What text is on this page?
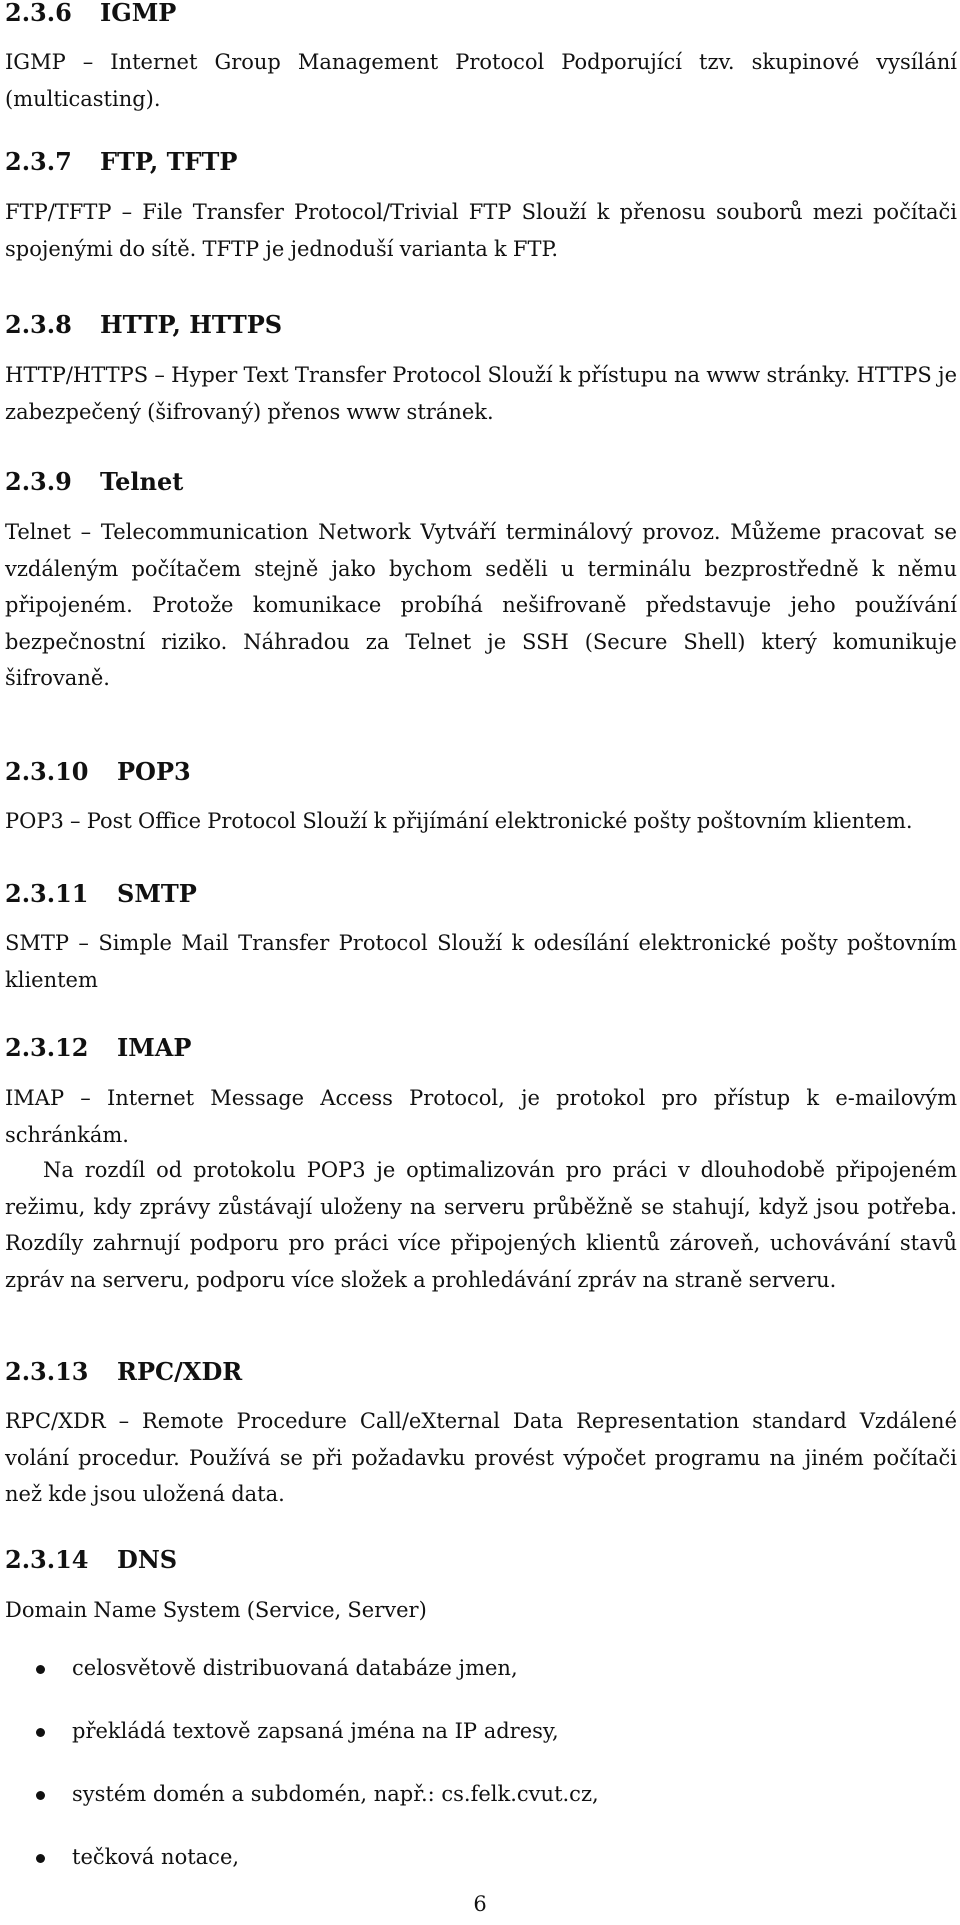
2.3.6 IGMP
IGMP – Internet Group Management Protocol Podporující tzv. skupinové vysílání (multicasting).
2.3.7 FTP, TFTP
FTP/TFTP – File Transfer Protocol/Trivial FTP Slouží k přenosu souborů mezi počítači spojenými do sítě. TFTP je jednoduší varianta k FTP.
2.3.8 HTTP, HTTPS
HTTP/HTTPS – Hyper Text Transfer Protocol Slouží k přístupu na www stránky. HTTPS je zabezpečený (šifrovaný) přenos www stránek.
2.3.9 Telnet
Telnet – Telecommunication Network Vytváří terminálový provoz. Můžeme pracovat se vzdáleným počítačem stejně jako bychom seděli u terminálu bezprostředně k němu připojeném. Protože komunikace probíhá nešifrovaně představuje jeho používání bezpečnostní riziko. Náhradou za Telnet je SSH (Secure Shell) který komunikuje šifrovaně.
2.3.10 POP3
POP3 – Post Office Protocol Slouží k přijímání elektronické pošty poštovním klientem.
2.3.11 SMTP
SMTP – Simple Mail Transfer Protocol Slouží k odesílání elektronické pošty poštovním klientem
2.3.12 IMAP
IMAP – Internet Message Access Protocol, je protokol pro přístup k e-mailovým schránkám.
Na rozdíl od protokolu POP3 je optimalizován pro práci v dlouhodobě připojeném režimu, kdy zprávy zůstávají uloženy na serveru průběžně se stahují, když jsou potřeba. Rozdíly zahrnují podporu pro práci více připojených klientů zároveň, uchovávání stavů zpráv na serveru, podporu více složek a prohledávání zpráv na straně serveru.
2.3.13 RPC/XDR
RPC/XDR – Remote Procedure Call/eXternal Data Representation standard Vzdálené volání procedur. Používá se při požadavku provést výpočet programu na jiném počítači než kde jsou uložená data.
2.3.14 DNS
Domain Name System (Service, Server)
celosvětově distribuovaná databáze jmen,
překládá textově zapsaná jména na IP adresy,
systém domén a subdomén, např.: cs.felk.cvut.cz,
tečková notace,
6
